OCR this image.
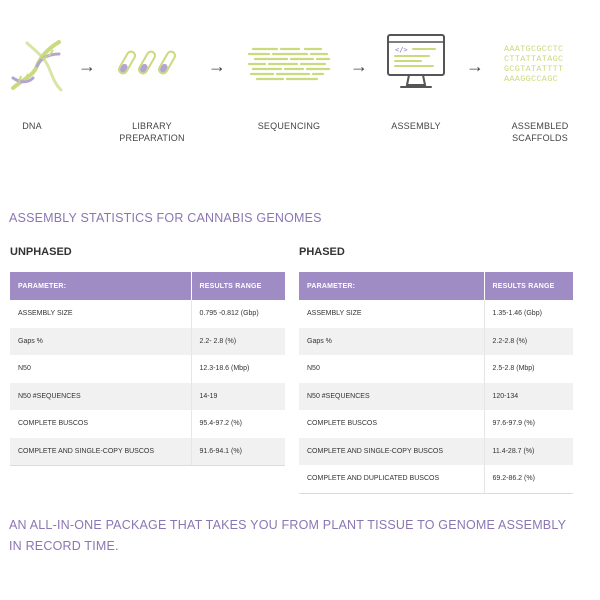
DNA
→
LIBRARY
PREPARATION
→
SEQUENCING
→
</>
ASSEMBLY
→
AAATGCGCCTC
CTTATTATAGC
GCGTATATTTT
AAAGGCCAGC
ASSEMBLED
SCAFFOLDS
ASSEMBLY STATISTICS FOR CANNABIS GENOMES
UNPHASED
PARAMETER:	RESULTS RANGE
ASSEMBLY SIZE	0.795 -0.812 (Gbp)
Gaps %	2.2- 2.8 (%)
N50	12.3-18.6 (Mbp)
N50 #SEQUENCES	14-19
COMPLETE BUSCOS	95.4-97.2 (%)
COMPLETE AND SINGLE-COPY BUSCOS	91.6-94.1 (%)
PHASED
PARAMETER:	RESULTS RANGE
ASSEMBLY SIZE	1.35-1.46 (Gbp)
Gaps %	2.2-2.8 (%)
N50	2.5-2.8 (Mbp)
N50 #SEQUENCES	120-134
COMPLETE BUSCOS	97.6-97.9 (%)
COMPLETE AND SINGLE-COPY BUSCOS	11.4-28.7 (%)
COMPLETE AND DUPLICATED BUSCOS	69.2-86.2 (%)
AN ALL-IN-ONE PACKAGE THAT TAKES YOU FROM PLANT TISSUE TO GENOME ASSEMBLY IN RECORD TIME.
